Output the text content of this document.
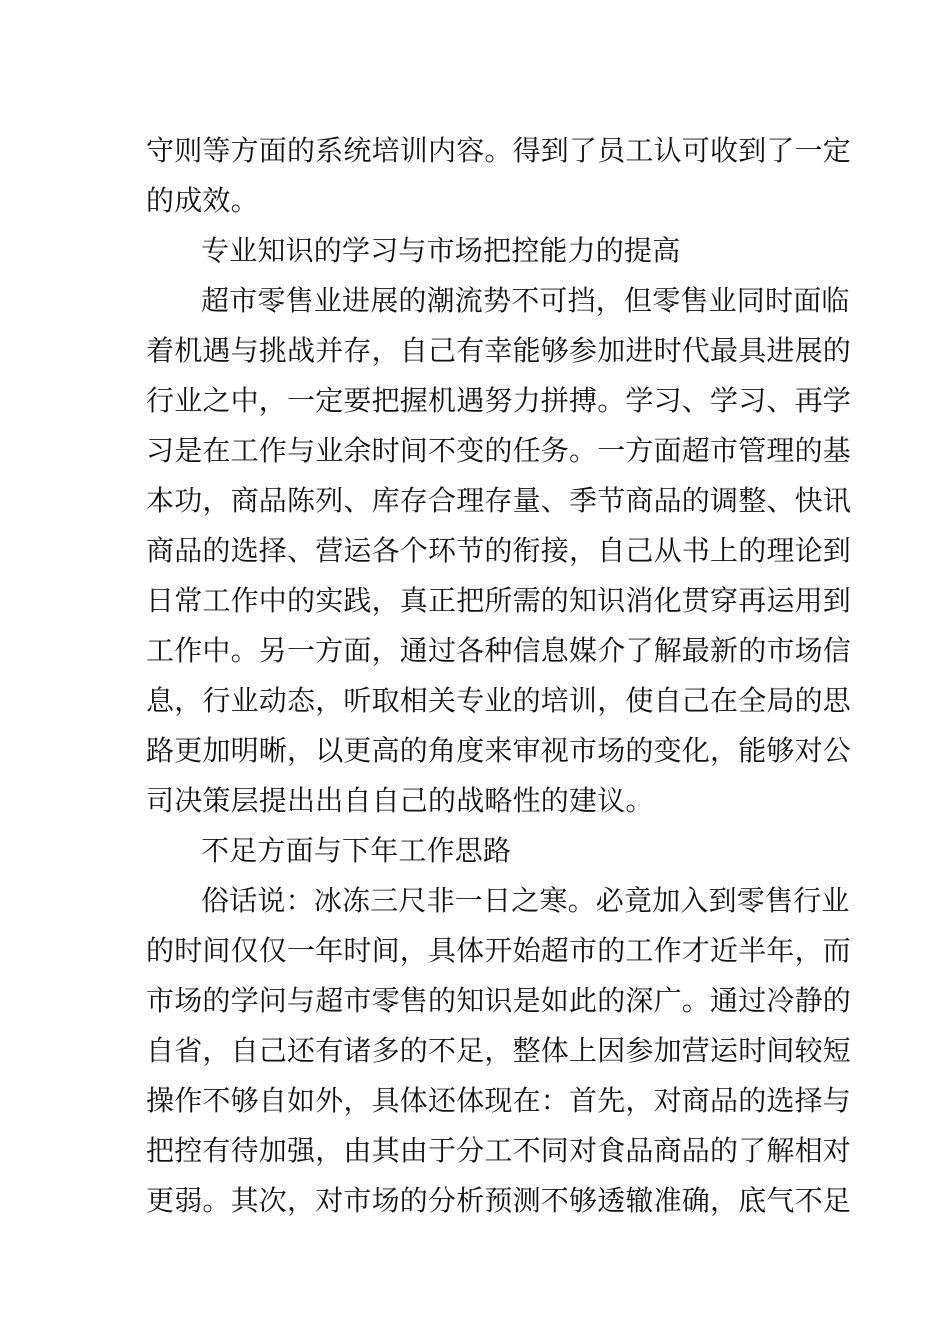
守则等方面的系统培训内容。得到了员工认可收到了一定
的成效。
专业知识的学习与市场把控能力的提高
超市零售业进展的潮流势不可挡，但零售业同时面临
着机遇与挑战并存，自己有幸能够参加进时代最具进展的
行业之中，一定要把握机遇努力拼搏。学习、学习、再学
习是在工作与业余时间不变的任务。一方面超市管理的基
本功，商品陈列、库存合理存量、季节商品的调整、快讯
商品的选择、营运各个环节的衔接，自己从书上的理论到
日常工作中的实践，真正把所需的知识消化贯穿再运用到
工作中。另一方面，通过各种信息媒介了解最新的市场信
息，行业动态，听取相关专业的培训，使自己在全局的思
路更加明晰，以更高的角度来审视市场的变化，能够对公
司决策层提出出自自己的战略性的建议。
不足方面与下年工作思路
俗话说：冰冻三尺非一日之寒。必竟加入到零售行业
的时间仅仅一年时间，具体开始超市的工作才近半年，而
市场的学问与超市零售的知识是如此的深广。通过冷静的
自省，自己还有诸多的不足，整体上因参加营运时间较短
操作不够自如外，具体还体现在：首先，对商品的选择与
把控有待加强，由其由于分工不同对食品商品的了解相对
更弱。其次，对市场的分析预测不够透辙准确，底气不足
